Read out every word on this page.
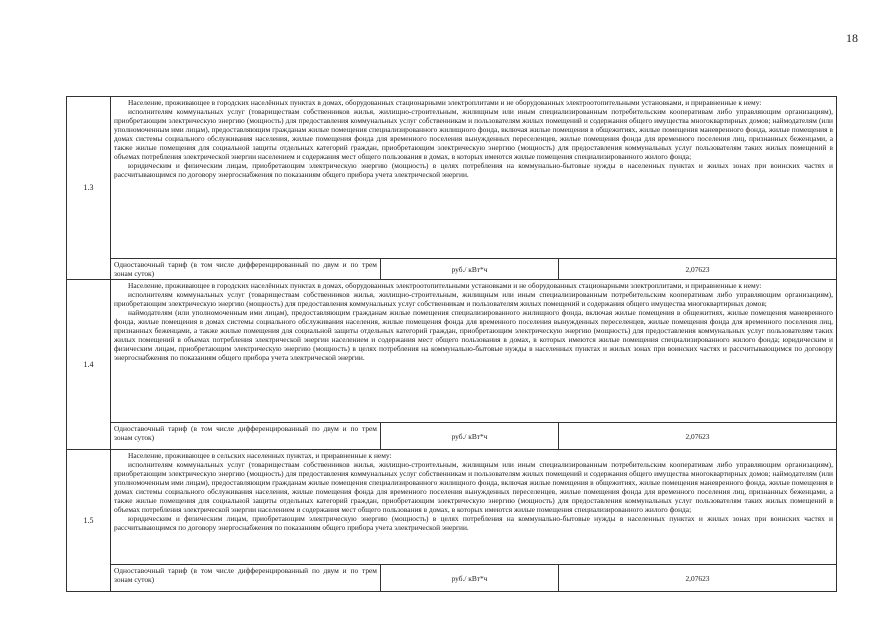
18
1.3	Население, проживающее в городских населённых пунктах в домах, оборудованных стационарными электроплитами и не оборудованных электроотопительными установками, и приравненные к нему:

исполнителям коммунальных услуг (товариществам собственников жилья, жилищно-строительным, жилищным или иным специализированным потребительским кооперативам либо управляющим организациям), приобретающим электрическую энергию (мощность) для предоставления коммунальных услуг собственникам и пользователям жилых помещений и содержания общего имущества многоквартирных домов; наймодателям (или уполномоченным ими лицам), предоставляющим гражданам жилые помещения специализированного жилищного фонда, включая жилые помещения в общежитиях, жилые помещения маневренного фонда, жилые помещения в домах системы социального обслуживания населения, жилые помещения фонда для временного поселения вынужденных переселенцев, жилые помещения фонда для временного поселения лиц, признанных беженцами, а также жилые помещения для социальной защиты отдельных категорий граждан, приобретающим электрическую энергию (мощность) для предоставления коммунальных услуг пользователям таких жилых помещений в объемах потребления электрической энергии населением и содержания мест общего пользования в домах, в которых имеются жилые помещения специализированного жилого фонда;

юридическим и физическим лицам, приобретающим электрическую энергию (мощность) в целях потребления на коммунально-бытовые нужды в населенных пунктах и жилых зонах при воинских частях и рассчитывающимся по договору энергоснабжения по показаниям общего прибора учета электрической энергии.		

	Одноставочный тариф (в том числе дифференцированный по двум и по трем зонам суток)	руб./ кВт*ч	2,07623
1.4	Население, проживающее в городских населённых пунктах в домах, оборудованных электроотопительными установками и не оборудованных стационарными электроплитами, и приравненные к нему:

исполнителям коммунальных услуг (товариществам собственников жилья, жилищно-строительным, жилищным или иным специализированным потребительским кооперативам либо управляющим организациям), приобретающим электрическую энергию (мощность) для предоставления коммунальных услуг собственникам и пользователям жилых помещений и содержания общего имущества многоквартирных домов;

наймодателям (или уполномоченным ими лицам), предоставляющим гражданам жилые помещения специализированного жилищного фонда, включая жилые помещения в общежитиях, жилые помещения маневренного фонда, жилые помещения в домах системы социального обслуживания населения, жилые помещения фонда для временного поселения вынужденных переселенцев, жилые помещения фонда для временного поселения лиц, признанных беженцами, а также жилые помещения для социальной защиты отдельных категорий граждан, приобретающим электрическую энергию (мощность) для предоставления коммунальных услуг пользователям таких жилых помещений в объемах потребления электрической энергии населением и содержания мест общего пользования в домах, в которых имеются жилые помещения специализированного жилого фонда; юридическим и физическим лицам, приобретающим электрическую энергию (мощность) в целях потребления на коммунально-бытовые нужды в населенных пунктах и жилых зонах при воинских частях и рассчитывающимся по договору энергоснабжения по показаниям общего прибора учета электрической энергии.		

	Одноставочный тариф (в том числе дифференцированный по двум и по трем зонам суток)	руб./ кВт*ч	2,07623
1.5	Население, проживающее в сельских населенных пунктах, и приравненные к нему:

исполнителям коммунальных услуг (товариществам собственников жилья, жилищно-строительным, жилищным или иным специализированным потребительским кооперативам либо управляющим организациям), приобретающим электрическую энергию (мощность) для предоставления коммунальных услуг собственникам и пользователям жилых помещений и содержания общего имущества многоквартирных домов; наймодателям (или уполномоченным ими лицам), предоставляющим гражданам жилые помещения специализированного жилищного фонда, включая жилые помещения в общежитиях, жилые помещения маневренного фонда, жилые помещения в домах системы социального обслуживания населения, жилые помещения фонда для временного поселения вынужденных переселенцев, жилые помещения фонда для временного поселения лиц, признанных беженцами, а также жилые помещения для социальной защиты отдельных категорий граждан, приобретающим электрическую энергию (мощность) для предоставления коммунальных услуг пользователям таких жилых помещений в объемах потребления электрической энергии населением и содержания мест общего пользования в домах, в которых имеются жилые помещения специализированного жилого фонда;

юридическим и физическим лицам, приобретающим электрическую энергию (мощность) в целях потребления на коммунально-бытовые нужды в населенных пунктах и жилых зонах при воинских частях и рассчитывающимся по договору энергоснабжения по показаниям общего прибора учета электрической энергии.		

	Одноставочный тариф (в том числе дифференцированный по двум и по трем зонам суток)	руб./ кВт*ч	2,07623
